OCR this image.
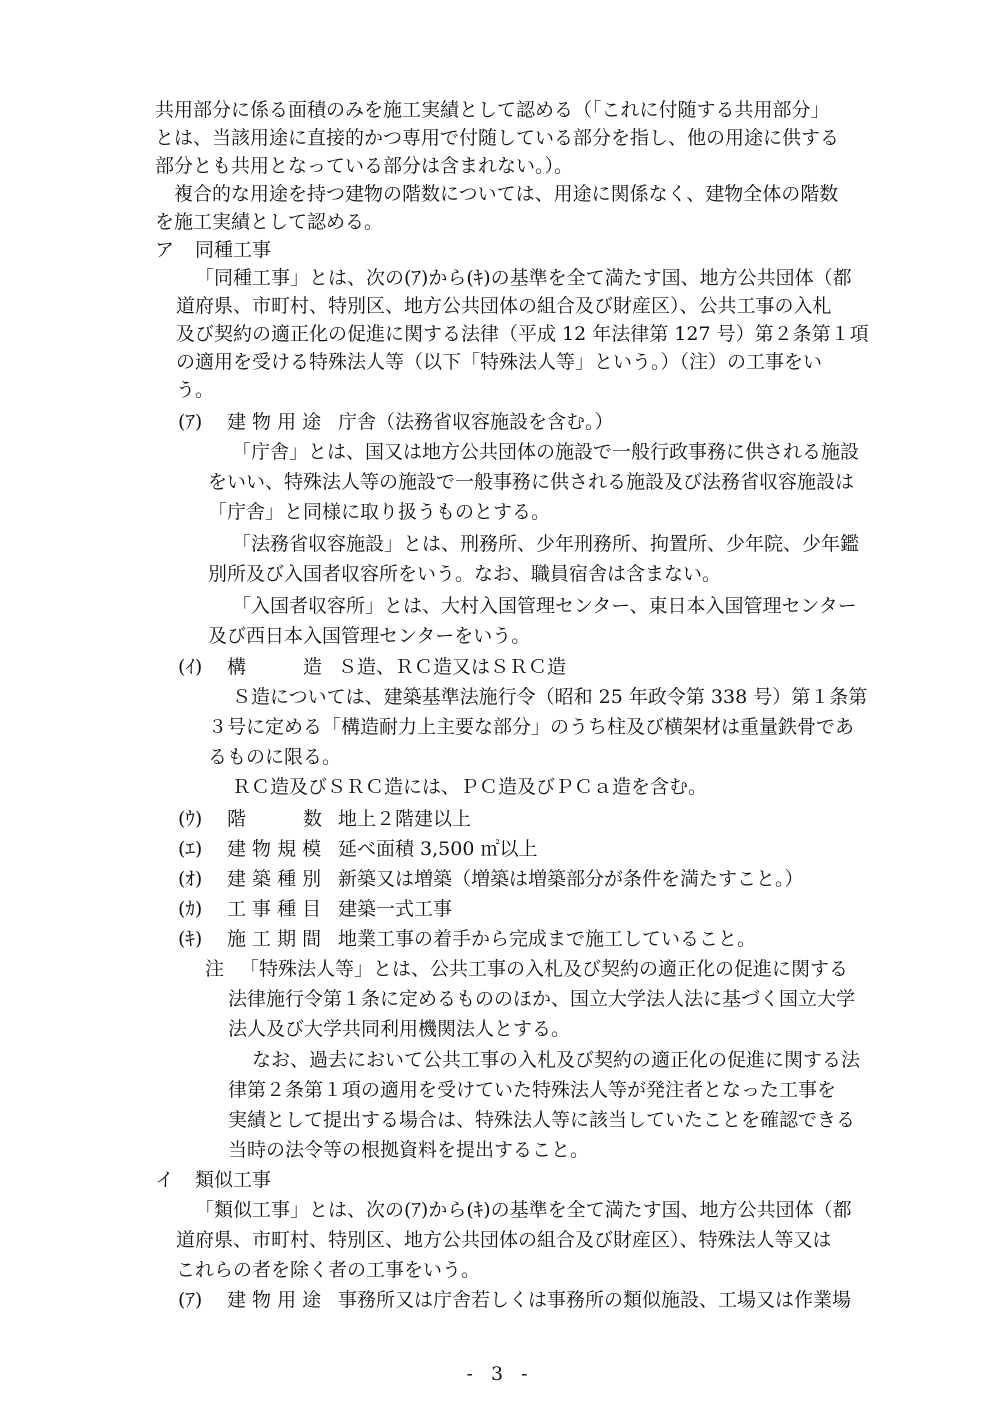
共用部分に係る面積のみを施工実績として認める（「これに付随する共用部分」
とは、当該用途に直接的かつ専用で付随している部分を指し、他の用途に供する
部分とも共用となっている部分は含まれない。）。
複合的な用途を持つ建物の階数については、用途に関係なく、建物全体の階数
を施工実績として認める。
ア 同種工事
「同種工事」とは、次の(ｱ)から(ｷ)の基準を全て満たす国、地方公共団体（都
道府県、市町村、特別区、地方公共団体の組合及び財産区）、公共工事の入札
及び契約の適正化の促進に関する法律（平成 12 年法律第 127 号）第２条第１項
の適用を受ける特殊法人等（以下「特殊法人等」という。）（注）の工事をい
う。
(ｱ) 建 物 用 途 庁舎（法務省収容施設を含む。）
「庁舎」とは、国又は地方公共団体の施設で一般行政事務に供される施設
をいい、特殊法人等の施設で一般事務に供される施設及び法務省収容施設は
「庁舎」と同様に取り扱うものとする。
「法務省収容施設」とは、刑務所、少年刑務所、拘置所、少年院、少年鑑
別所及び入国者収容所をいう。なお、職員宿舎は含まない。
「入国者収容所」とは、大村入国管理センター、東日本入国管理センター
及び西日本入国管理センターをいう。
(ｲ) 構　　　造 Ｓ造、ＲＣ造又はＳＲＣ造
Ｓ造については、建築基準法施行令（昭和 25 年政令第 338 号）第１条第
３号に定める「構造耐力上主要な部分」のうち柱及び横架材は重量鉄骨であ
るものに限る。
ＲＣ造及びＳＲＣ造には、ＰＣ造及びＰＣａ造を含む。
(ｳ) 階　　　数 地上２階建以上
(ｴ) 建 物 規 模 延べ面積 3,500 ㎡以上
(ｵ) 建 築 種 別 新築又は増築（増築は増築部分が条件を満たすこと。）
(ｶ) 工 事 種 目 建築一式工事
(ｷ) 施 工 期 間 地業工事の着手から完成まで施工していること。
注 「特殊法人等」とは、公共工事の入札及び契約の適正化の促進に関する
法律施行令第１条に定めるもののほか、国立大学法人法に基づく国立大学
法人及び大学共同利用機関法人とする。
なお、過去において公共工事の入札及び契約の適正化の促進に関する法
律第２条第１項の適用を受けていた特殊法人等が発注者となった工事を
実績として提出する場合は、特殊法人等に該当していたことを確認できる
当時の法令等の根拠資料を提出すること。
イ 類似工事
「類似工事」とは、次の(ｱ)から(ｷ)の基準を全て満たす国、地方公共団体（都
道府県、市町村、特別区、地方公共団体の組合及び財産区）、特殊法人等又は
これらの者を除く者の工事をいう。
(ｱ) 建 物 用 途 事務所又は庁舎若しくは事務所の類似施設、工場又は作業場
- 3 -
